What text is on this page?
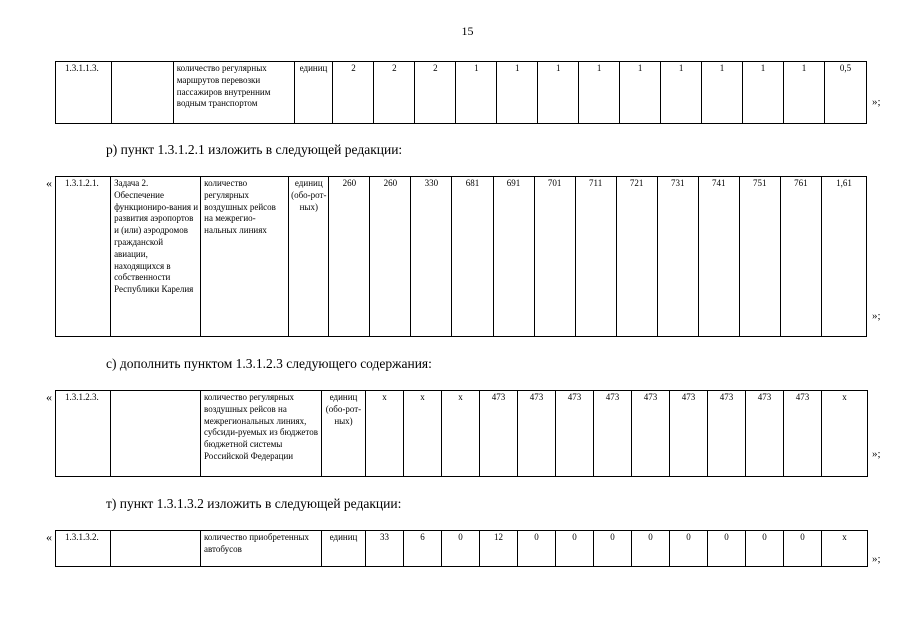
15
1.3.1.1.3.			количество регулярных маршрутов перевозки пассажиров внутренним водным транспортом	единиц	2	2	2	1	1	1	1	1	1	1	1	1	0,5
»;
р) пункт 1.3.1.2.1 изложить в следующей редакции:
« 1.3.1.2.1.	Задача 2. Обеспечение функциониро-вания и развития аэропортов и (или) аэродромов гражданской авиации, находящихся в собственности Республики Карелия	количество регулярных воздушных рейсов на межрегио-нальных линиях	единиц (обо-рот-ных)	260	260	330	681	691	701	711	721	731	741	751	761	1,61
»;
с) дополнить пунктом 1.3.1.2.3 следующего содержания:
« 1.3.1.2.3.		количество регулярных воздушных рейсов на межрегиональных линиях, субсиди-руемых из бюджетов бюджетной системы Российской Федерации	единиц (обо-рот-ных)	x	x	x	473	473	473	473	473	473	473	473	473	x
»;
т) пункт 1.3.1.3.2 изложить в следующей редакции:
« 1.3.1.3.2.		количество приобретенных автобусов	единиц	33	6	0	12	0	0	0	0	0	0	0	0	x
»;
